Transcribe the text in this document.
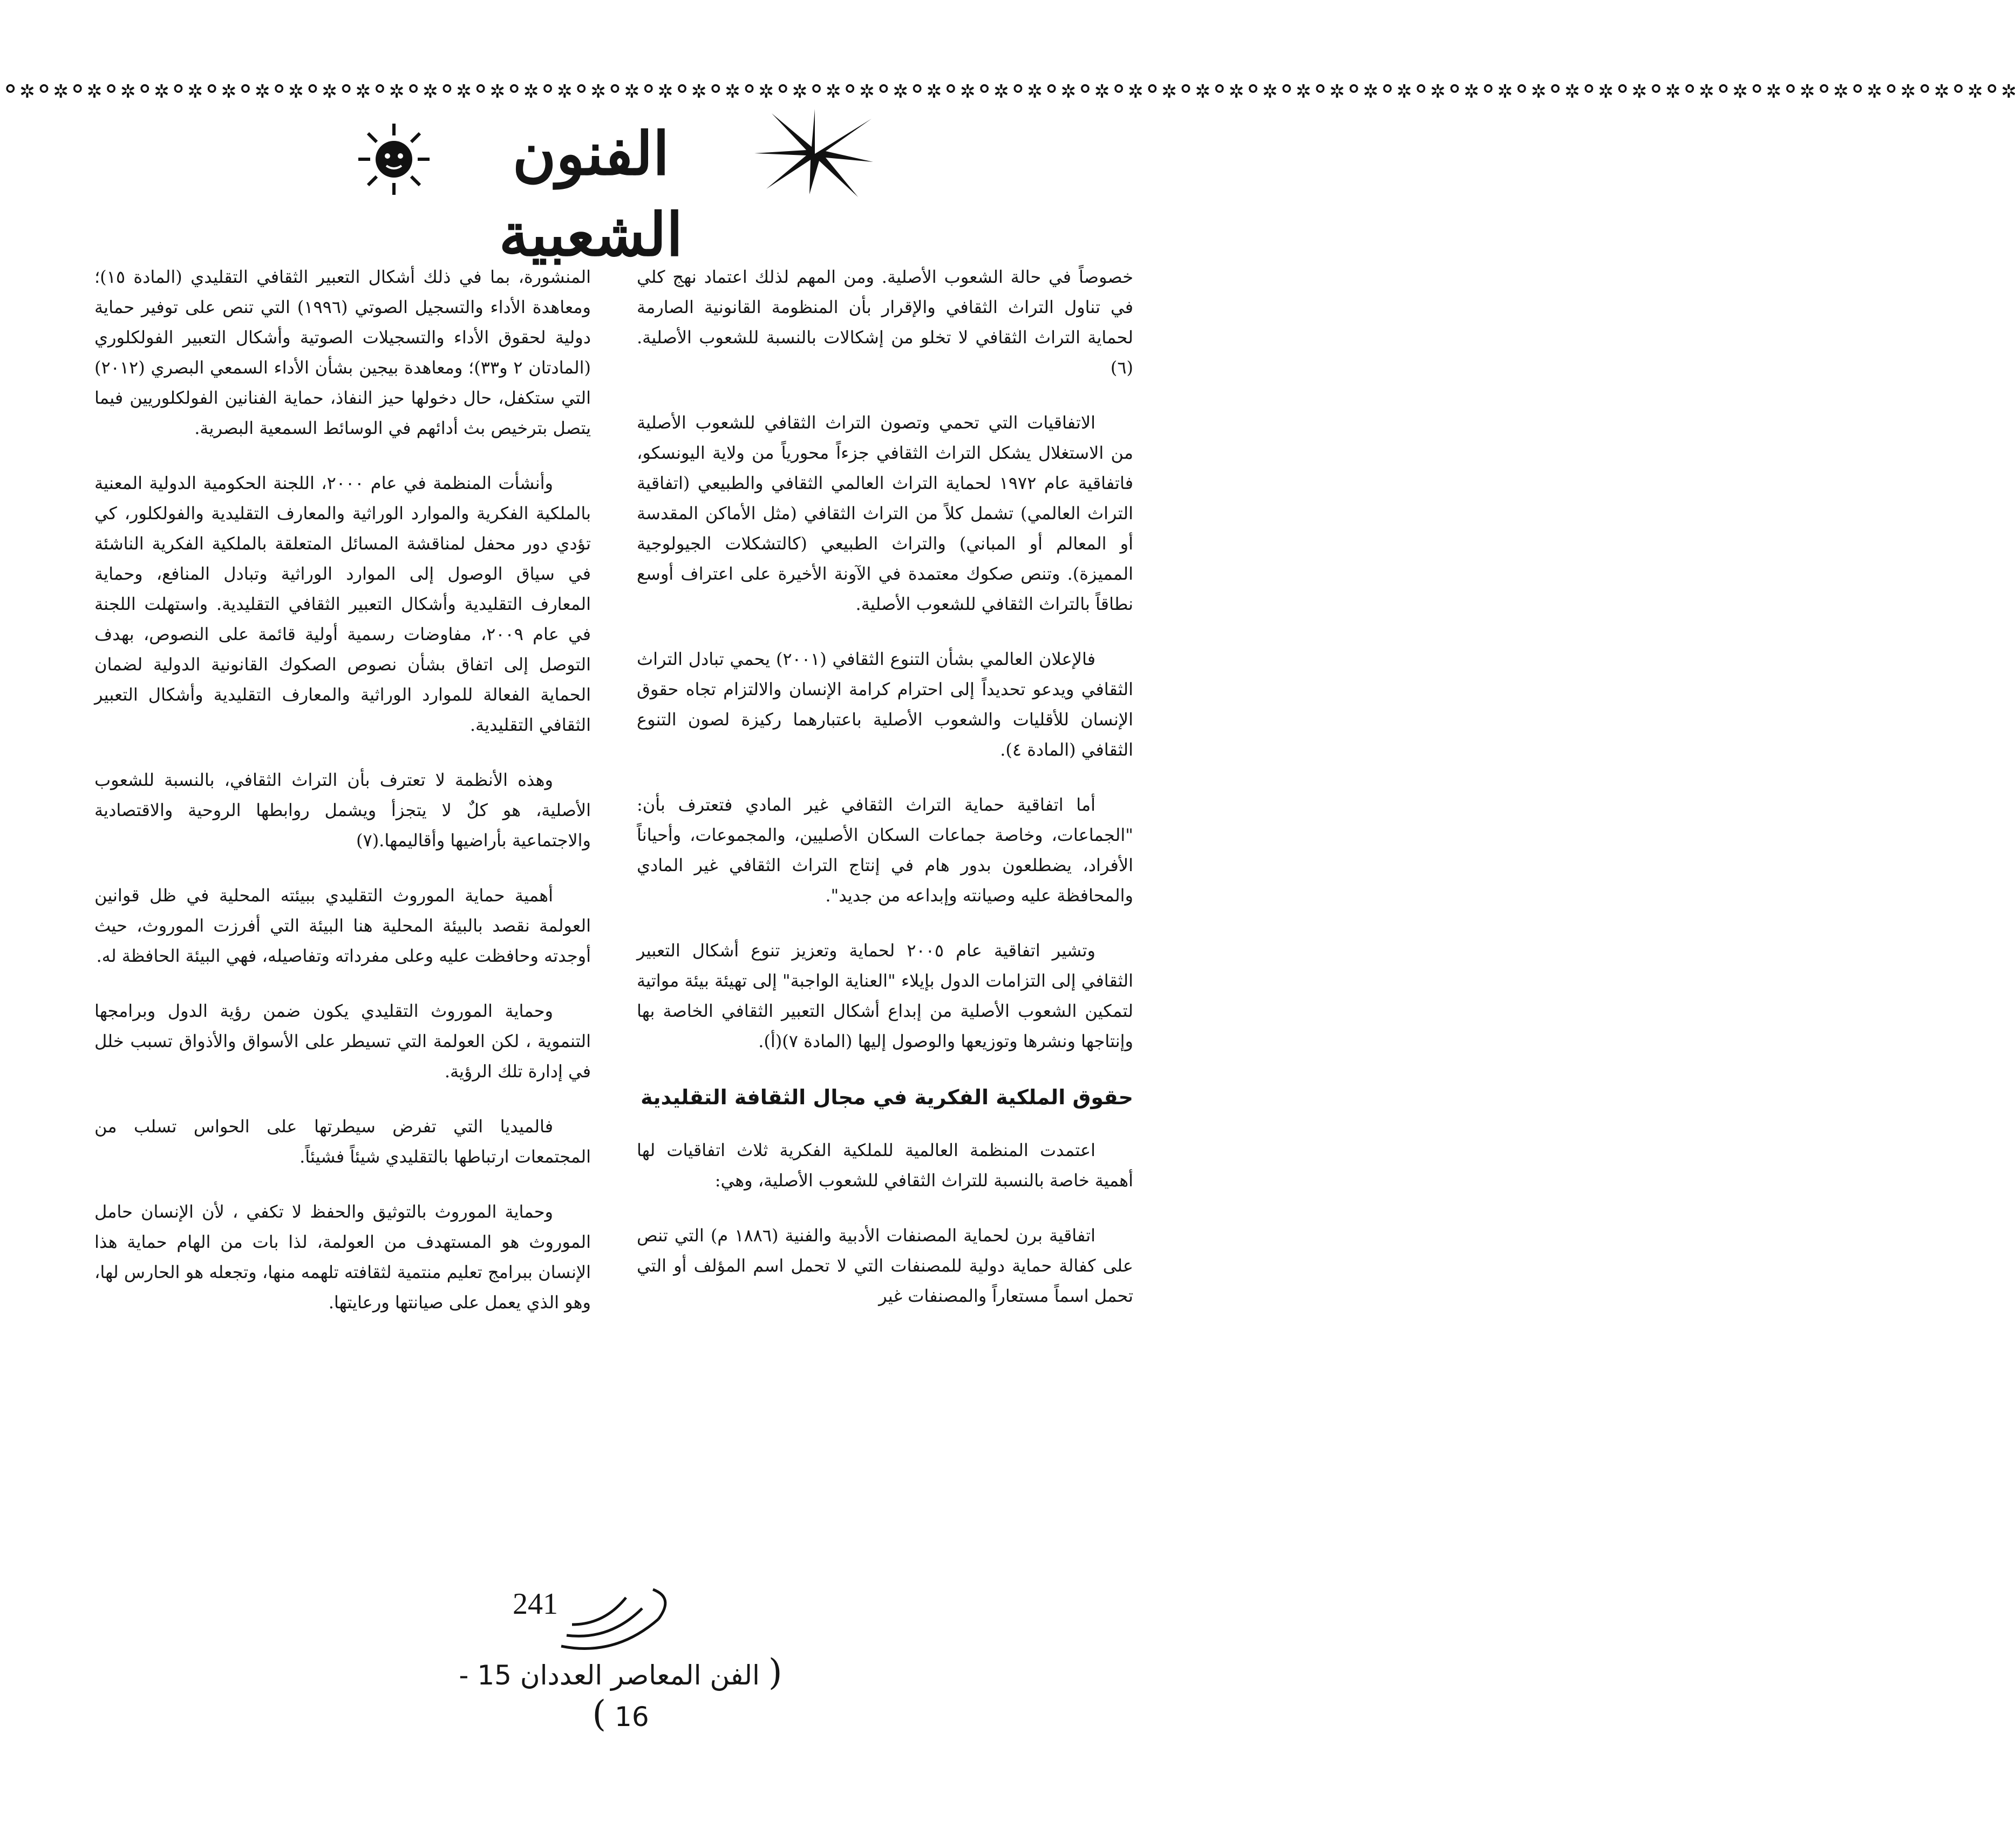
⚬✲⚬✲⚬✲⚬✲⚬✲⚬✲⚬✲⚬✲⚬✲⚬✲⚬✲⚬✲⚬✲⚬✲⚬✲⚬✲⚬✲⚬✲⚬✲⚬✲⚬✲⚬✲⚬✲⚬✲⚬✲⚬✲⚬✲⚬✲⚬✲⚬✲⚬✲⚬✲⚬✲⚬✲⚬✲⚬✲⚬✲⚬✲⚬✲⚬✲⚬✲⚬✲⚬✲⚬✲⚬✲⚬✲⚬✲⚬✲⚬✲⚬✲⚬✲⚬✲⚬✲⚬✲⚬✲⚬✲⚬✲⚬✲⚬✲⚬✲
الفنون الشعبية

خصوصاً في حالة الشعوب الأصلية. ومن المهم لذلك اعتماد نهج كلي في تناول التراث الثقافي والإقرار بأن المنظومة القانونية الصارمة لحماية التراث الثقافي لا تخلو من إشكالات بالنسبة للشعوب الأصلية.(٦)

الاتفاقيات التي تحمي وتصون التراث الثقافي للشعوب الأصلية من الاستغلال يشكل التراث الثقافي جزءاً محورياً من ولاية اليونسكو، فاتفاقية عام ١٩٧٢ لحماية التراث العالمي الثقافي والطبيعي (اتفاقية التراث العالمي) تشمل كلاً من التراث الثقافي (مثل الأماكن المقدسة أو المعالم أو المباني) والتراث الطبيعي (كالتشكلات الجيولوجية المميزة). وتنص صكوك معتمدة في الآونة الأخيرة على اعتراف أوسع نطاقاً بالتراث الثقافي للشعوب الأصلية.

فالإعلان العالمي بشأن التنوع الثقافي (٢٠٠١) يحمي تبادل التراث الثقافي ويدعو تحديداً إلى احترام كرامة الإنسان والالتزام تجاه حقوق الإنسان للأقليات والشعوب الأصلية باعتبارهما ركيزة لصون التنوع الثقافي (المادة ٤).

أما اتفاقية حماية التراث الثقافي غير المادي فتعترف بأن: "الجماعات، وخاصة جماعات السكان الأصليين، والمجموعات، وأحياناً الأفراد، يضطلعون بدور هام في إنتاج التراث الثقافي غير المادي والمحافظة عليه وصيانته وإبداعه من جديد".

وتشير اتفاقية عام ٢٠٠٥ لحماية وتعزيز تنوع أشكال التعبير الثقافي إلى التزامات الدول بإيلاء "العناية الواجبة" إلى تهيئة بيئة مواتية لتمكين الشعوب الأصلية من إبداع أشكال التعبير الثقافي الخاصة بها وإنتاجها ونشرها وتوزيعها والوصول إليها (المادة ٧)(أ).

حقوق الملكية الفكرية في مجال الثقافة التقليدية

اعتمدت المنظمة العالمية للملكية الفكرية ثلاث اتفاقيات لها أهمية خاصة بالنسبة للتراث الثقافي للشعوب الأصلية، وهي:

اتفاقية برن لحماية المصنفات الأدبية والفنية (١٨٨٦ م) التي تنص على كفالة حماية دولية للمصنفات التي لا تحمل اسم المؤلف أو التي تحمل اسماً مستعاراً والمصنفات غير

المنشورة، بما في ذلك أشكال التعبير الثقافي التقليدي (المادة ١٥)؛ ومعاهدة الأداء والتسجيل الصوتي (١٩٩٦) التي تنص على توفير حماية دولية لحقوق الأداء والتسجيلات الصوتية وأشكال التعبير الفولكلوري (المادتان ٢ و٣٣)؛ ومعاهدة بيجين بشأن الأداء السمعي البصري (٢٠١٢) التي ستكفل، حال دخولها حيز النفاذ، حماية الفنانين الفولكلوريين فيما يتصل بترخيص بث أدائهم في الوسائط السمعية البصرية.

وأنشأت المنظمة في عام ٢٠٠٠، اللجنة الحكومية الدولية المعنية بالملكية الفكرية والموارد الوراثية والمعارف التقليدية والفولكلور، كي تؤدي دور محفل لمناقشة المسائل المتعلقة بالملكية الفكرية الناشئة في سياق الوصول إلى الموارد الوراثية وتبادل المنافع، وحماية المعارف التقليدية وأشكال التعبير الثقافي التقليدية. واستهلت اللجنة في عام ٢٠٠٩، مفاوضات رسمية أولية قائمة على النصوص، بهدف التوصل إلى اتفاق بشأن نصوص الصكوك القانونية الدولية لضمان الحماية الفعالة للموارد الوراثية والمعارف التقليدية وأشكال التعبير الثقافي التقليدية.

وهذه الأنظمة لا تعترف بأن التراث الثقافي، بالنسبة للشعوب الأصلية، هو كلٌ لا يتجزأ ويشمل روابطها الروحية والاقتصادية والاجتماعية بأراضيها وأقاليمها.(٧)

أهمية حماية الموروث التقليدي ببيئته المحلية في ظل قوانين العولمة نقصد بالبيئة المحلية هنا البيئة التي أفرزت الموروث، حيث أوجدته وحافظت عليه وعلى مفرداته وتفاصيله، فهي البيئة الحافظة له.

وحماية الموروث التقليدي يكون ضمن رؤية الدول وبرامجها التنموية ، لكن العولمة التي تسيطر على الأسواق والأذواق تسبب خلل في إدارة تلك الرؤية.

فالميديا التي تفرض سيطرتها على الحواس تسلب من المجتمعات ارتباطها بالتقليدي شيئاً فشيئاً.

وحماية الموروث بالتوثيق والحفظ لا تكفي ، لأن الإنسان حامل الموروث هو المستهدف من العولمة، لذا بات من الهام حماية هذا الإنسان ببرامج تعليم منتمية لثقافته تلهمه منها، وتجعله هو الحارس لها، وهو الذي يعمل على صيانتها ورعايتها.

241
( الفن المعاصر العددان 15 - 16 )
